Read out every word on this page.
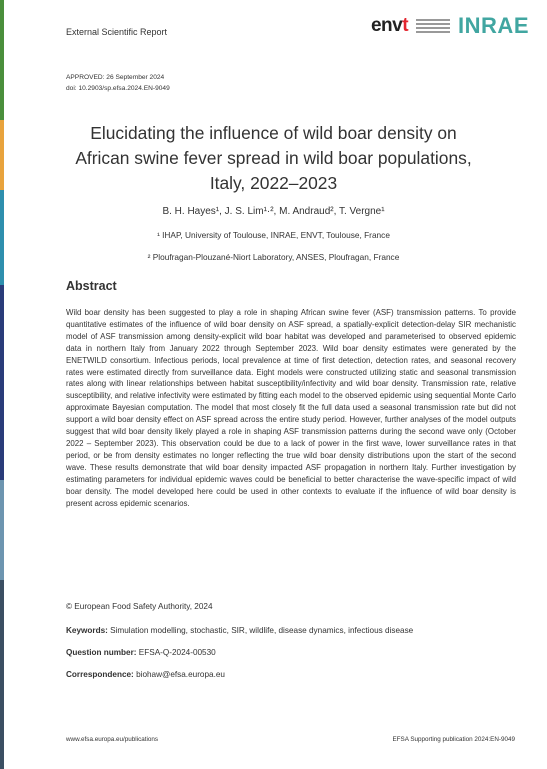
External Scientific Report	envt INRAE
APPROVED: 26 September 2024
doi: 10.2903/sp.efsa.2024.EN-9049
Elucidating the influence of wild boar density on
African swine fever spread in wild boar populations,
Italy, 2022–2023
B. H. Hayes¹, J. S. Lim¹·², M. Andraud², T. Vergne¹
¹ IHAP, University of Toulouse, INRAE, ENVT, Toulouse, France
² Ploufragan-Plouzané-Niort Laboratory, ANSES, Ploufragan, France
Abstract

Wild boar density has been suggested to play a role in shaping African swine fever (ASF) transmission patterns. To provide quantitative estimates of the influence of wild boar density on ASF spread, a spatially-explicit detection-delay SIR mechanistic model of ASF transmission among density-explicit wild boar habitat was developed and parameterised to observed epidemic data in northern Italy from January 2022 through September 2023. Wild boar density estimates were generated by the ENETWILD consortium. Infectious periods, local prevalence at time of first detection, detection rates, and seasonal recovery rates were estimated directly from surveillance data. Eight models were constructed utilizing static and seasonal transmission rates along with linear relationships between habitat susceptibility/infectivity and wild boar density. Transmission rate, relative susceptibility, and relative infectivity were estimated by fitting each model to the observed epidemic using sequential Monte Carlo approximate Bayesian computation. The model that most closely fit the full data used a seasonal transmission rate but did not support a wild boar density effect on ASF spread across the entire study period. However, further analyses of the model outputs suggest that wild boar density likely played a role in shaping ASF transmission patterns during the second wave only (October 2022 – September 2023). This observation could be due to a lack of power in the first wave, lower surveillance rates in that period, or be from density estimates no longer reflecting the true wild boar density distributions upon the start of the second wave. These results demonstrate that wild boar density impacted ASF propagation in northern Italy. Further investigation by estimating parameters for individual epidemic waves could be beneficial to better characterise the wave-specific impact of wild boar density. The model developed here could be used in other contexts to evaluate if the influence of wild boar density is present across epidemic scenarios.

© European Food Safety Authority, 2024
Keywords: Simulation modelling, stochastic, SIR, wildlife, disease dynamics, infectious disease
Question number: EFSA-Q-2024-00530
Correspondence: biohaw@efsa.europa.eu
www.efsa.europa.eu/publications	EFSA Supporting publication 2024:EN-9049
